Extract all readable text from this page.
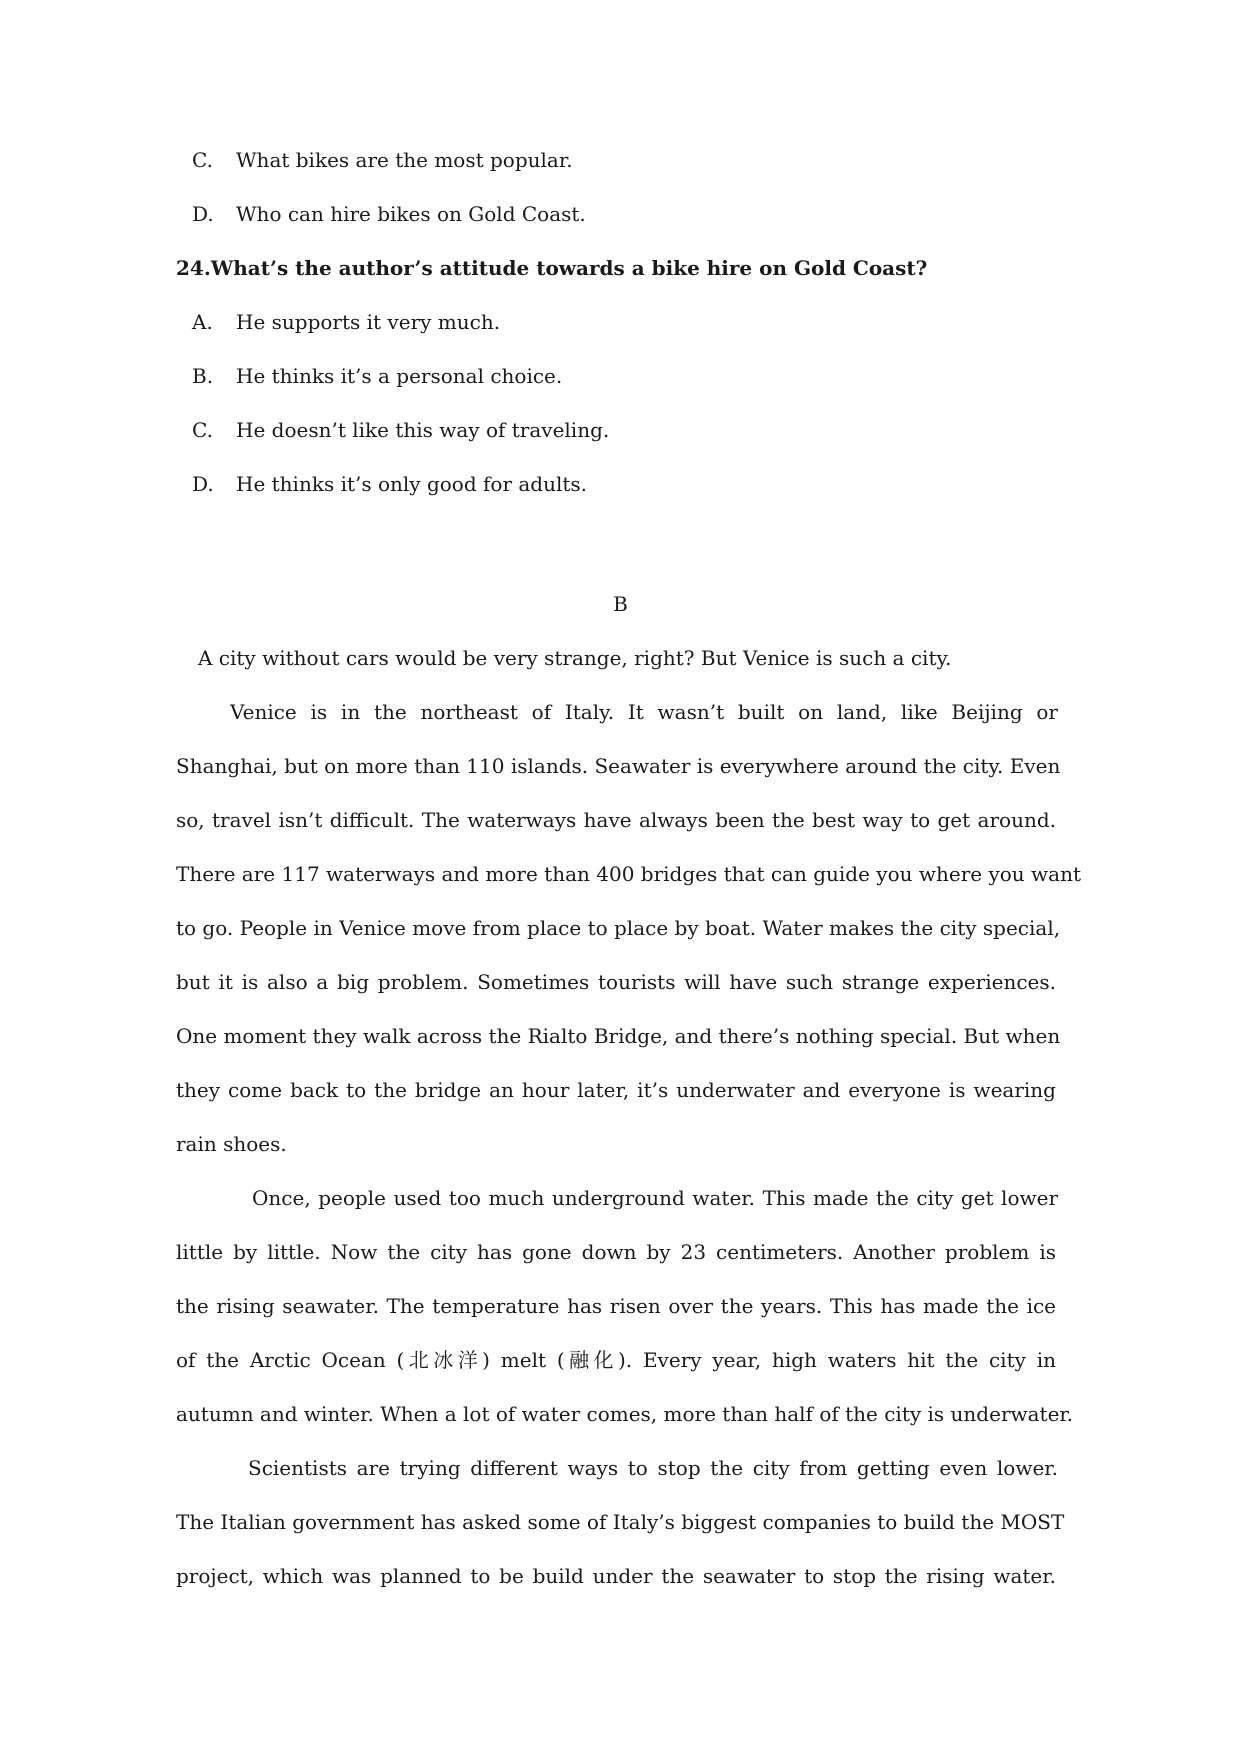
C.	What bikes are the most popular.
D.	Who can hire bikes on Gold Coast.
24.What’s the author’s attitude towards a bike hire on Gold Coast?
A.	He supports it very much.
B.	He thinks it’s a personal choice.
C.	He doesn’t like this way of traveling.
D.	He thinks it’s only good for adults.
B
A city without cars would be very strange, right? But Venice is such a city.
Venice is in the northeast of Italy. It wasn’t built on land, like Beijing or
Shanghai, but on more than 110 islands. Seawater is everywhere around the city. Even
so, travel isn’t difficult. The waterways have always been the best way to get around.
There are 117 waterways and more than 400 bridges that can guide you where you want
to go. People in Venice move from place to place by boat. Water makes the city special,
but it is also a big problem. Sometimes tourists will have such strange experiences.
One moment they walk across the Rialto Bridge, and there’s nothing special. But when
they come back to the bridge an hour later, it’s underwater and everyone is wearing
rain shoes.
Once, people used too much underground water. This made the city get lower
little by little. Now the city has gone down by 23 centimeters. Another problem is
the rising seawater. The temperature has risen over the years. This has made the ice
of the Arctic Ocean (北冰洋) melt (融化). Every year, high waters hit the city in
autumn and winter. When a lot of water comes, more than half of the city is underwater.
Scientists are trying different ways to stop the city from getting even lower.
The Italian government has asked some of Italy’s biggest companies to build the MOST
project, which was planned to be build under the seawater to stop the rising water.
